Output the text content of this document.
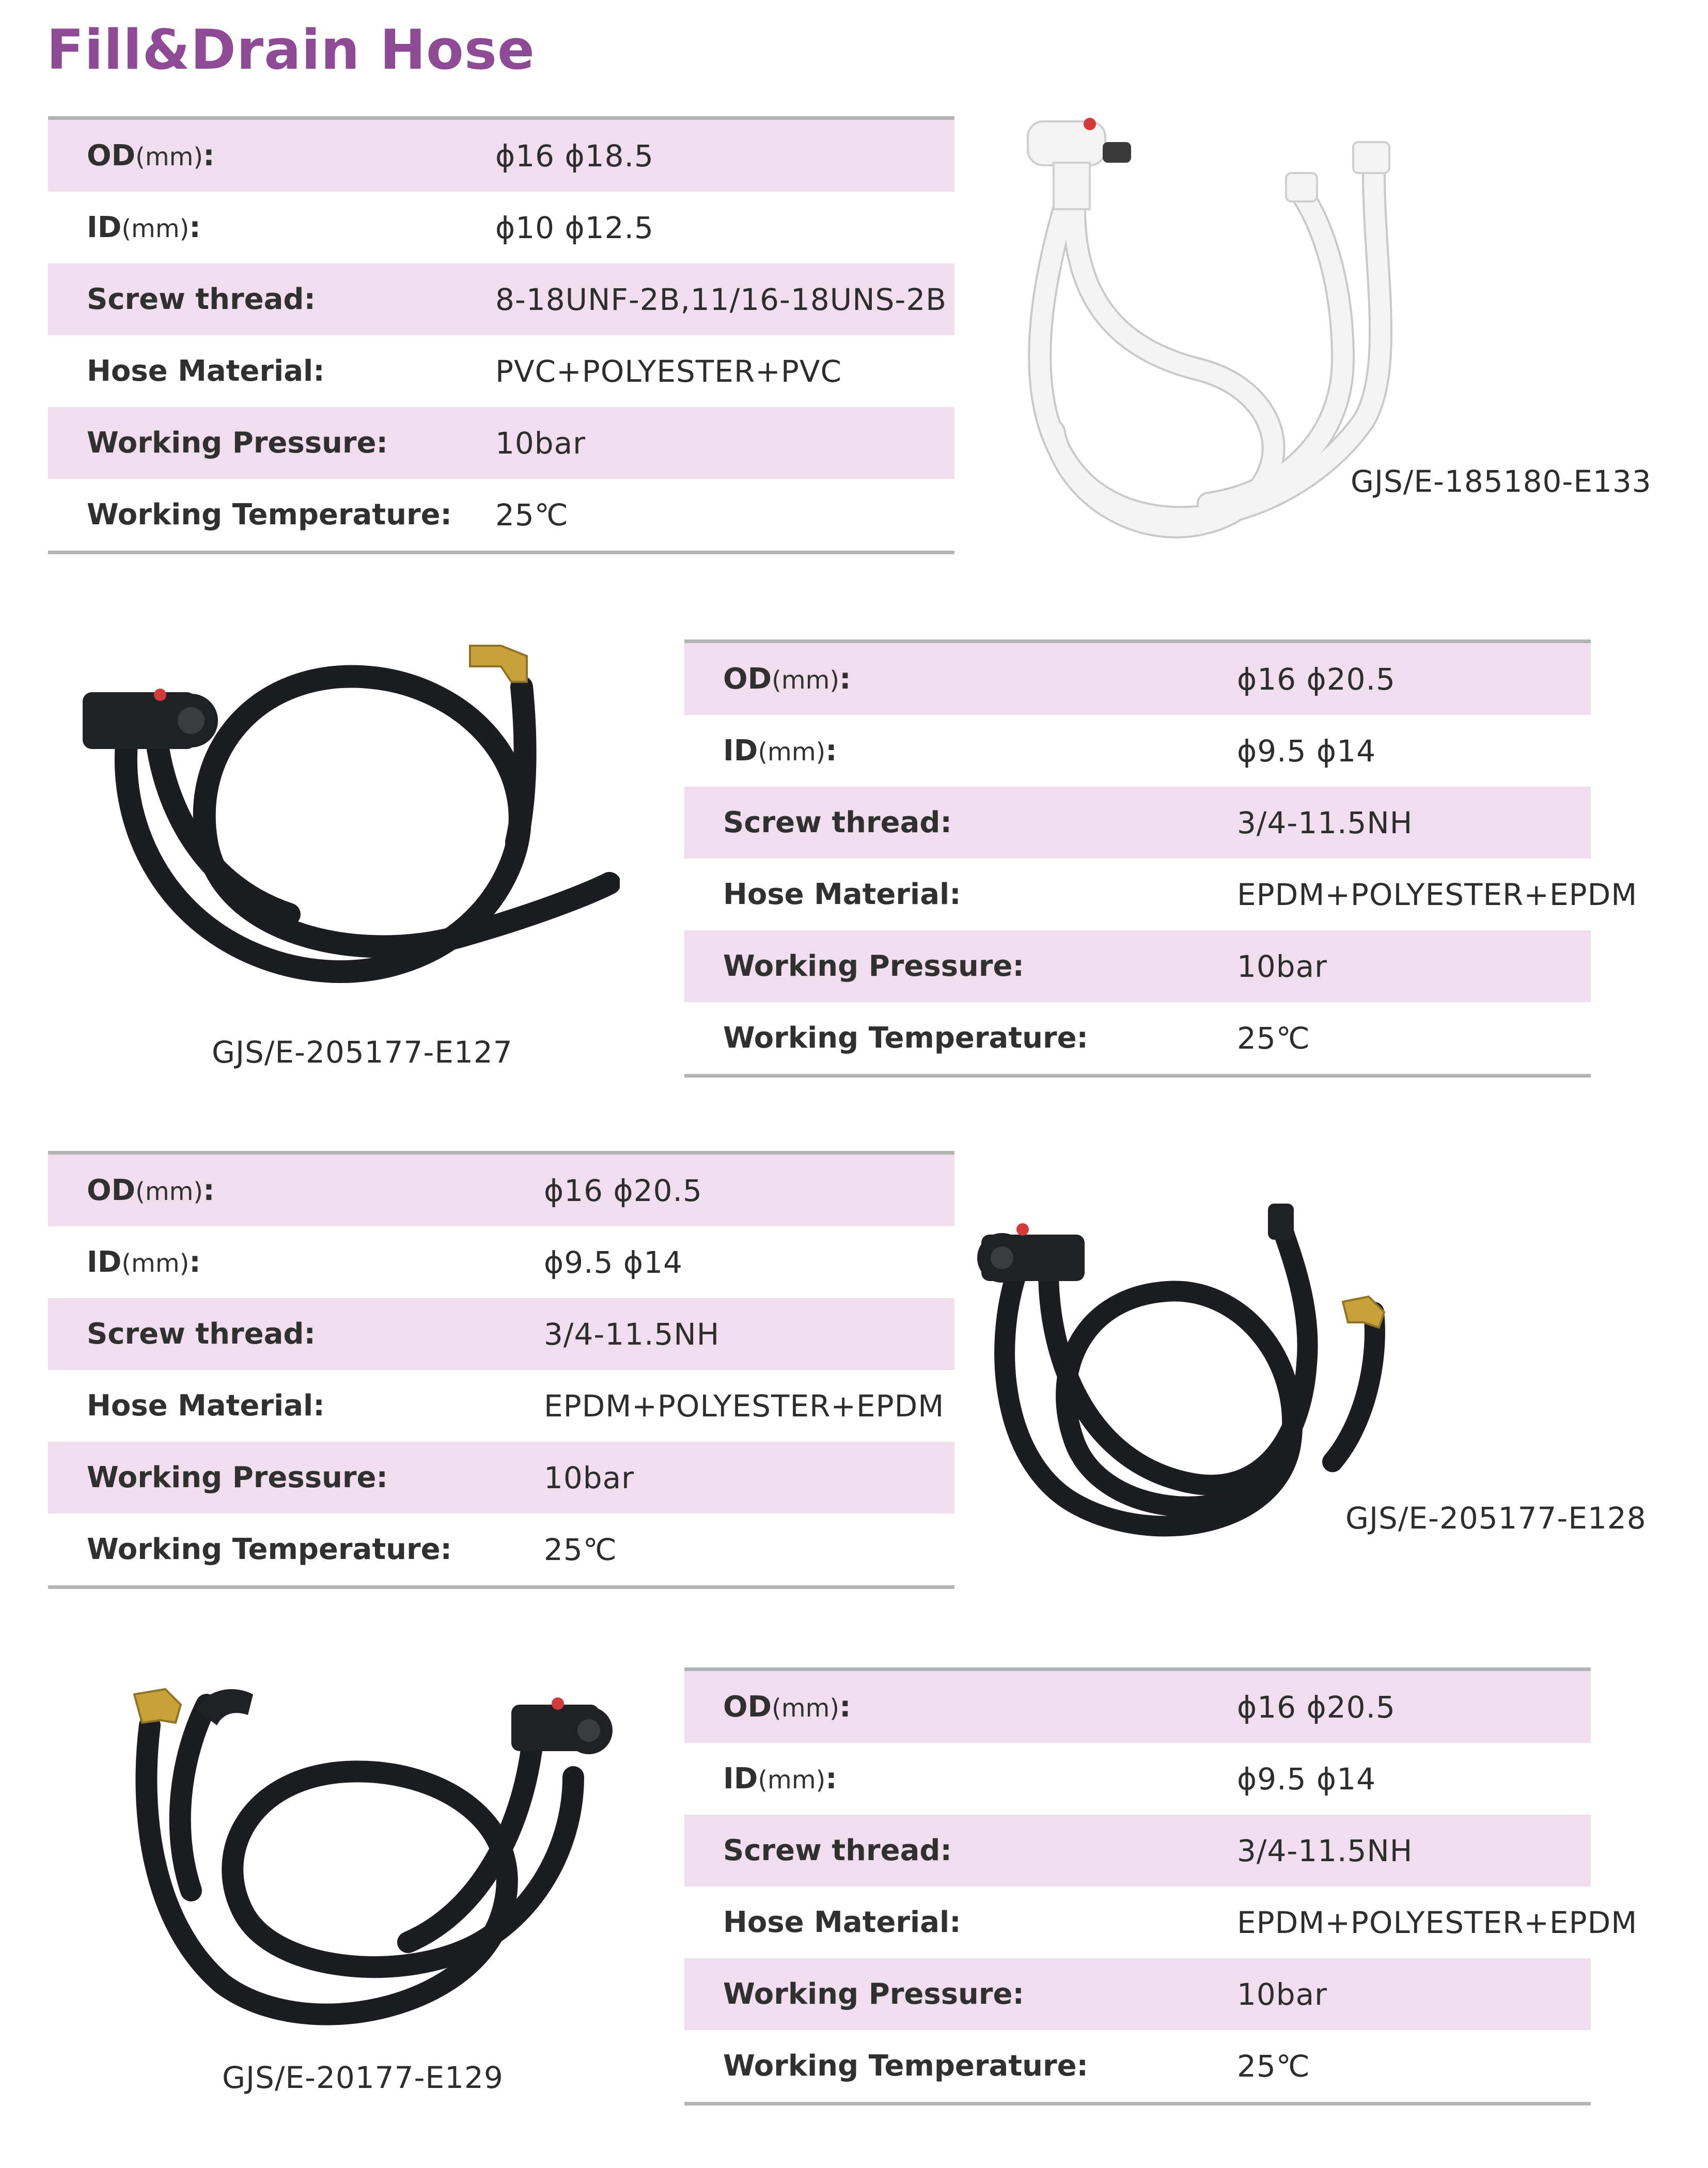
Fill&Drain Hose
OD(mm):	ϕ16 ϕ18.5
ID(mm):	ϕ10 ϕ12.5
Screw thread:	8-18UNF-2B,11/16-18UNS-2B
Hose Material:	PVC+POLYESTER+PVC
Working Pressure:	10bar
Working Temperature: 25℃
GJS/E-185180-E133
GJS/E-205177-E127
OD(mm):	ϕ16 ϕ20.5
ID(mm):	ϕ9.5 ϕ14
Screw thread:	3/4-11.5NH
Hose Material:	EPDM+POLYESTER+EPDM
Working Pressure:	10bar
Working Temperature:	25℃
OD(mm):	ϕ16 ϕ20.5
ID(mm):	ϕ9.5 ϕ14
Screw thread:	3/4-11.5NH
Hose Material:	EPDM+POLYESTER+EPDM
Working Pressure:	10bar
Working Temperature:	25℃
GJS/E-205177-E128
GJS/E-20177-E129
OD(mm):	ϕ16 ϕ20.5
ID(mm):	ϕ9.5 ϕ14
Screw thread:	3/4-11.5NH
Hose Material:	EPDM+POLYESTER+EPDM
Working Pressure:	10bar
Working Temperature:	25℃
